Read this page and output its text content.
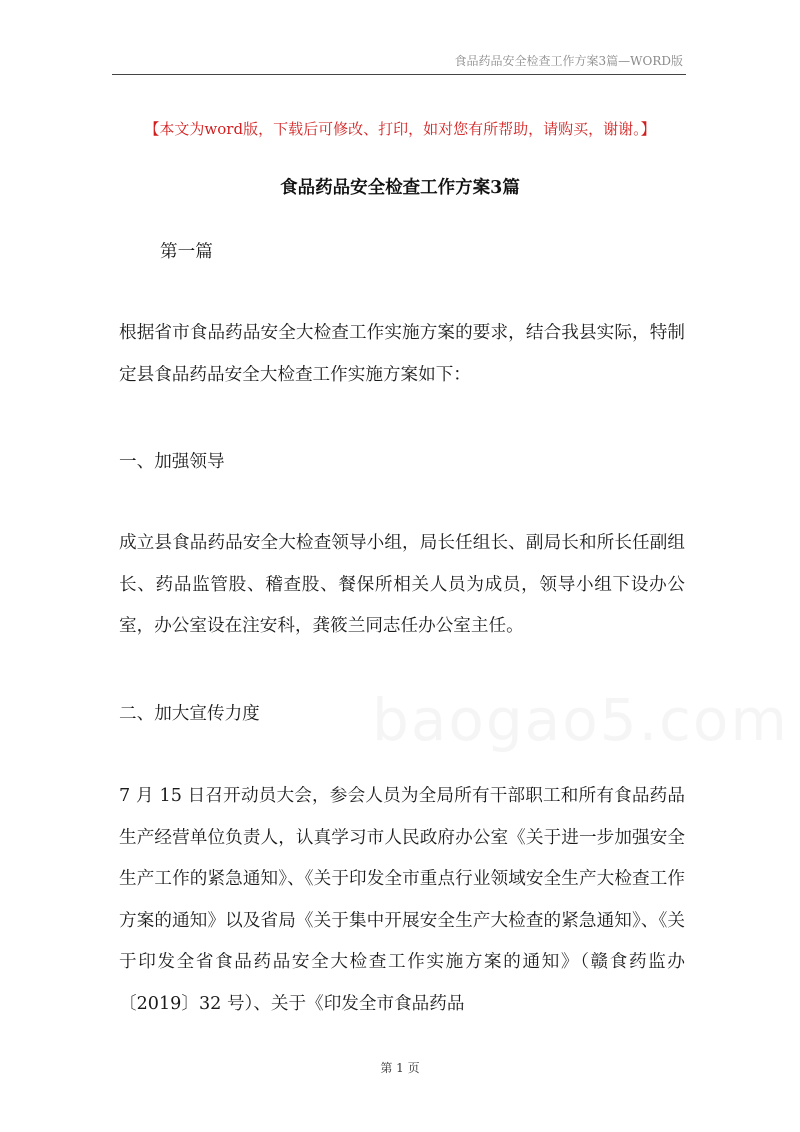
食品药品安全检查工作方案3篇—WORD版
【本文为word版，下载后可修改、打印，如对您有所帮助，请购买，谢谢。】
食品药品安全检查工作方案3篇
第一篇
根据省市食品药品安全大检查工作实施方案的要求，结合我县实际，特制定县食品药品安全大检查工作实施方案如下：
一、加强领导
成立县食品药品安全大检查领导小组，局长任组长、副局长和所长任副组长、药品监管股、稽查股、餐保所相关人员为成员，领导小组下设办公室，办公室设在注安科，龚筱兰同志任办公室主任。
二、加大宣传力度 baogao5.com
7 月 15 日召开动员大会，参会人员为全局所有干部职工和所有食品药品生产经营单位负责人，认真学习市人民政府办公室《关于进一步加强安全生产工作的紧急通知》、《关于印发全市重点行业领域安全生产大检查工作方案的通知》以及省局《关于集中开展安全生产大检查的紧急通知》、《关于印发全省食品药品安全大检查工作实施方案的通知》（赣食药监办〔2019〕32 号）、关于《印发全市食品药品
第 1 页
